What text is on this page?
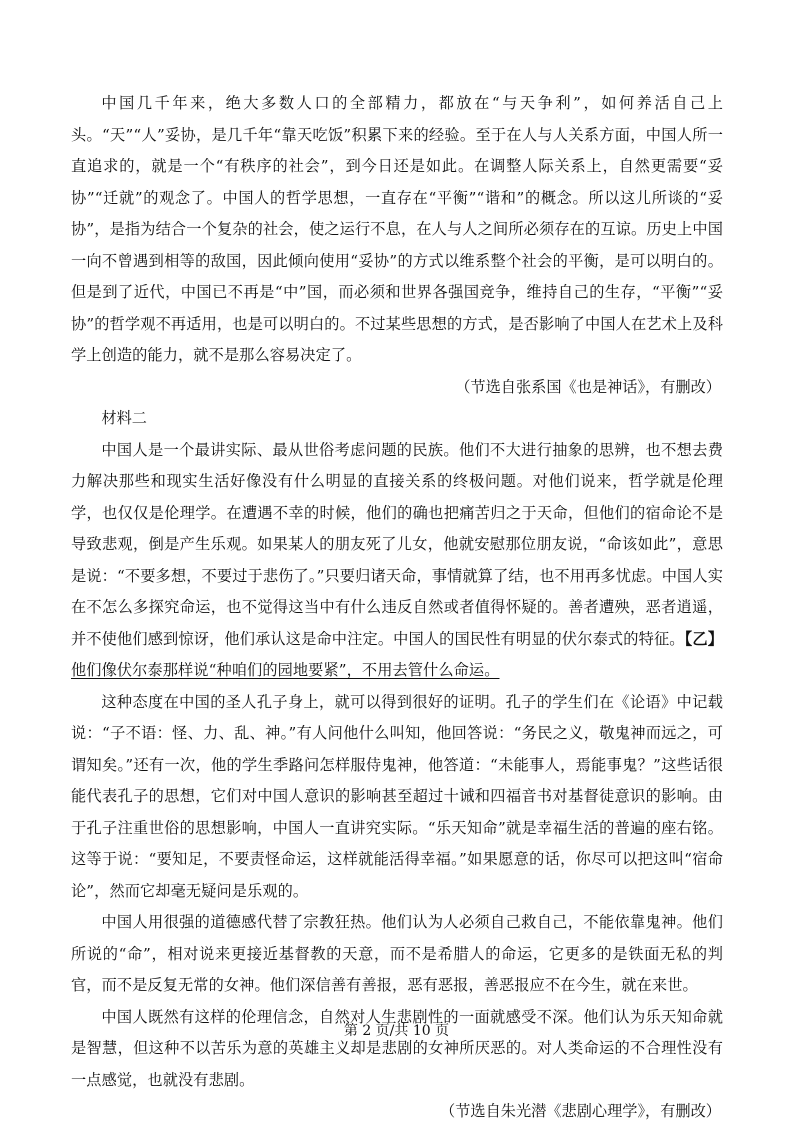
中国几千年来，绝大多数人口的全部精力，都放在“与天争利”，如何养活自己上头。“天”“人”妥协，是几千年“靠天吃饭”积累下来的经验。至于在人与人关系方面，中国人所一直追求的，就是一个“有秩序的社会”，到今日还是如此。在调整人际关系上，自然更需要“妥协”“迁就”的观念了。中国人的哲学思想，一直存在“平衡”“谐和”的概念。所以这儿所谈的“妥协”，是指为结合一个复杂的社会，使之运行不息，在人与人之间所必须存在的互谅。历史上中国一向不曾遇到相等的敌国，因此倾向使用“妥协”的方式以维系整个社会的平衡，是可以明白的。但是到了近代，中国已不再是“中”国，而必须和世界各强国竞争，维持自己的生存，“平衡”“妥协”的哲学观不再适用，也是可以明白的。不过某些思想的方式，是否影响了中国人在艺术上及科学上创造的能力，就不是那么容易决定了。

（节选自张系国《也是神话》，有删改）

材料二

中国人是一个最讲实际、最从世俗考虑问题的民族。他们不大进行抽象的思辨，也不想去费力解决那些和现实生活好像没有什么明显的直接关系的终极问题。对他们说来，哲学就是伦理学，也仅仅是伦理学。在遭遇不幸的时候，他们的确也把痛苦归之于天命，但他们的宿命论不是导致悲观，倒是产生乐观。如果某人的朋友死了儿女，他就安慰那位朋友说，“命该如此”，意思是说：“不要多想，不要过于悲伤了。”只要归诸天命，事情就算了结，也不用再多忧虑。中国人实在不怎么多探究命运，也不觉得这当中有什么违反自然或者值得怀疑的。善者遭殃，恶者逍遥，并不使他们感到惊讶，他们承认这是命中注定。中国人的国民性有明显的伏尔泰式的特征。【乙】他们像伏尔泰那样说“种咱们的园地要紧”，不用去管什么命运。

这种态度在中国的圣人孔子身上，就可以得到很好的证明。孔子的学生们在《论语》中记载说：“子不语：怪、力、乱、神。”有人问他什么叫知，他回答说：“务民之义，敬鬼神而远之，可谓知矣。”还有一次，他的学生季路问怎样服侍鬼神，他答道：“未能事人，焉能事鬼？”这些话很能代表孔子的思想，它们对中国人意识的影响甚至超过十诫和四福音书对基督徒意识的影响。由于孔子注重世俗的思想影响，中国人一直讲究实际。“乐天知命”就是幸福生活的普遍的座右铭。这等于说：“要知足，不要责怪命运，这样就能活得幸福。”如果愿意的话，你尽可以把这叫“宿命论”，然而它却毫无疑问是乐观的。

中国人用很强的道德感代替了宗教狂热。他们认为人必须自己救自己，不能依靠鬼神。他们所说的“命”，相对说来更接近基督教的天意，而不是希腊人的命运，它更多的是铁面无私的判官，而不是反复无常的女神。他们深信善有善报，恶有恶报，善恶报应不在今生，就在来世。

中国人既然有这样的伦理信念，自然对人生悲剧性的一面就感受不深。他们认为乐天知命就是智慧，但这种不以苦乐为意的英雄主义却是悲剧的女神所厌恶的。对人类命运的不合理性没有一点感觉，也就没有悲剧。

（节选自朱光潜《悲剧心理学》，有删改）

第 2 页/共 10 页
